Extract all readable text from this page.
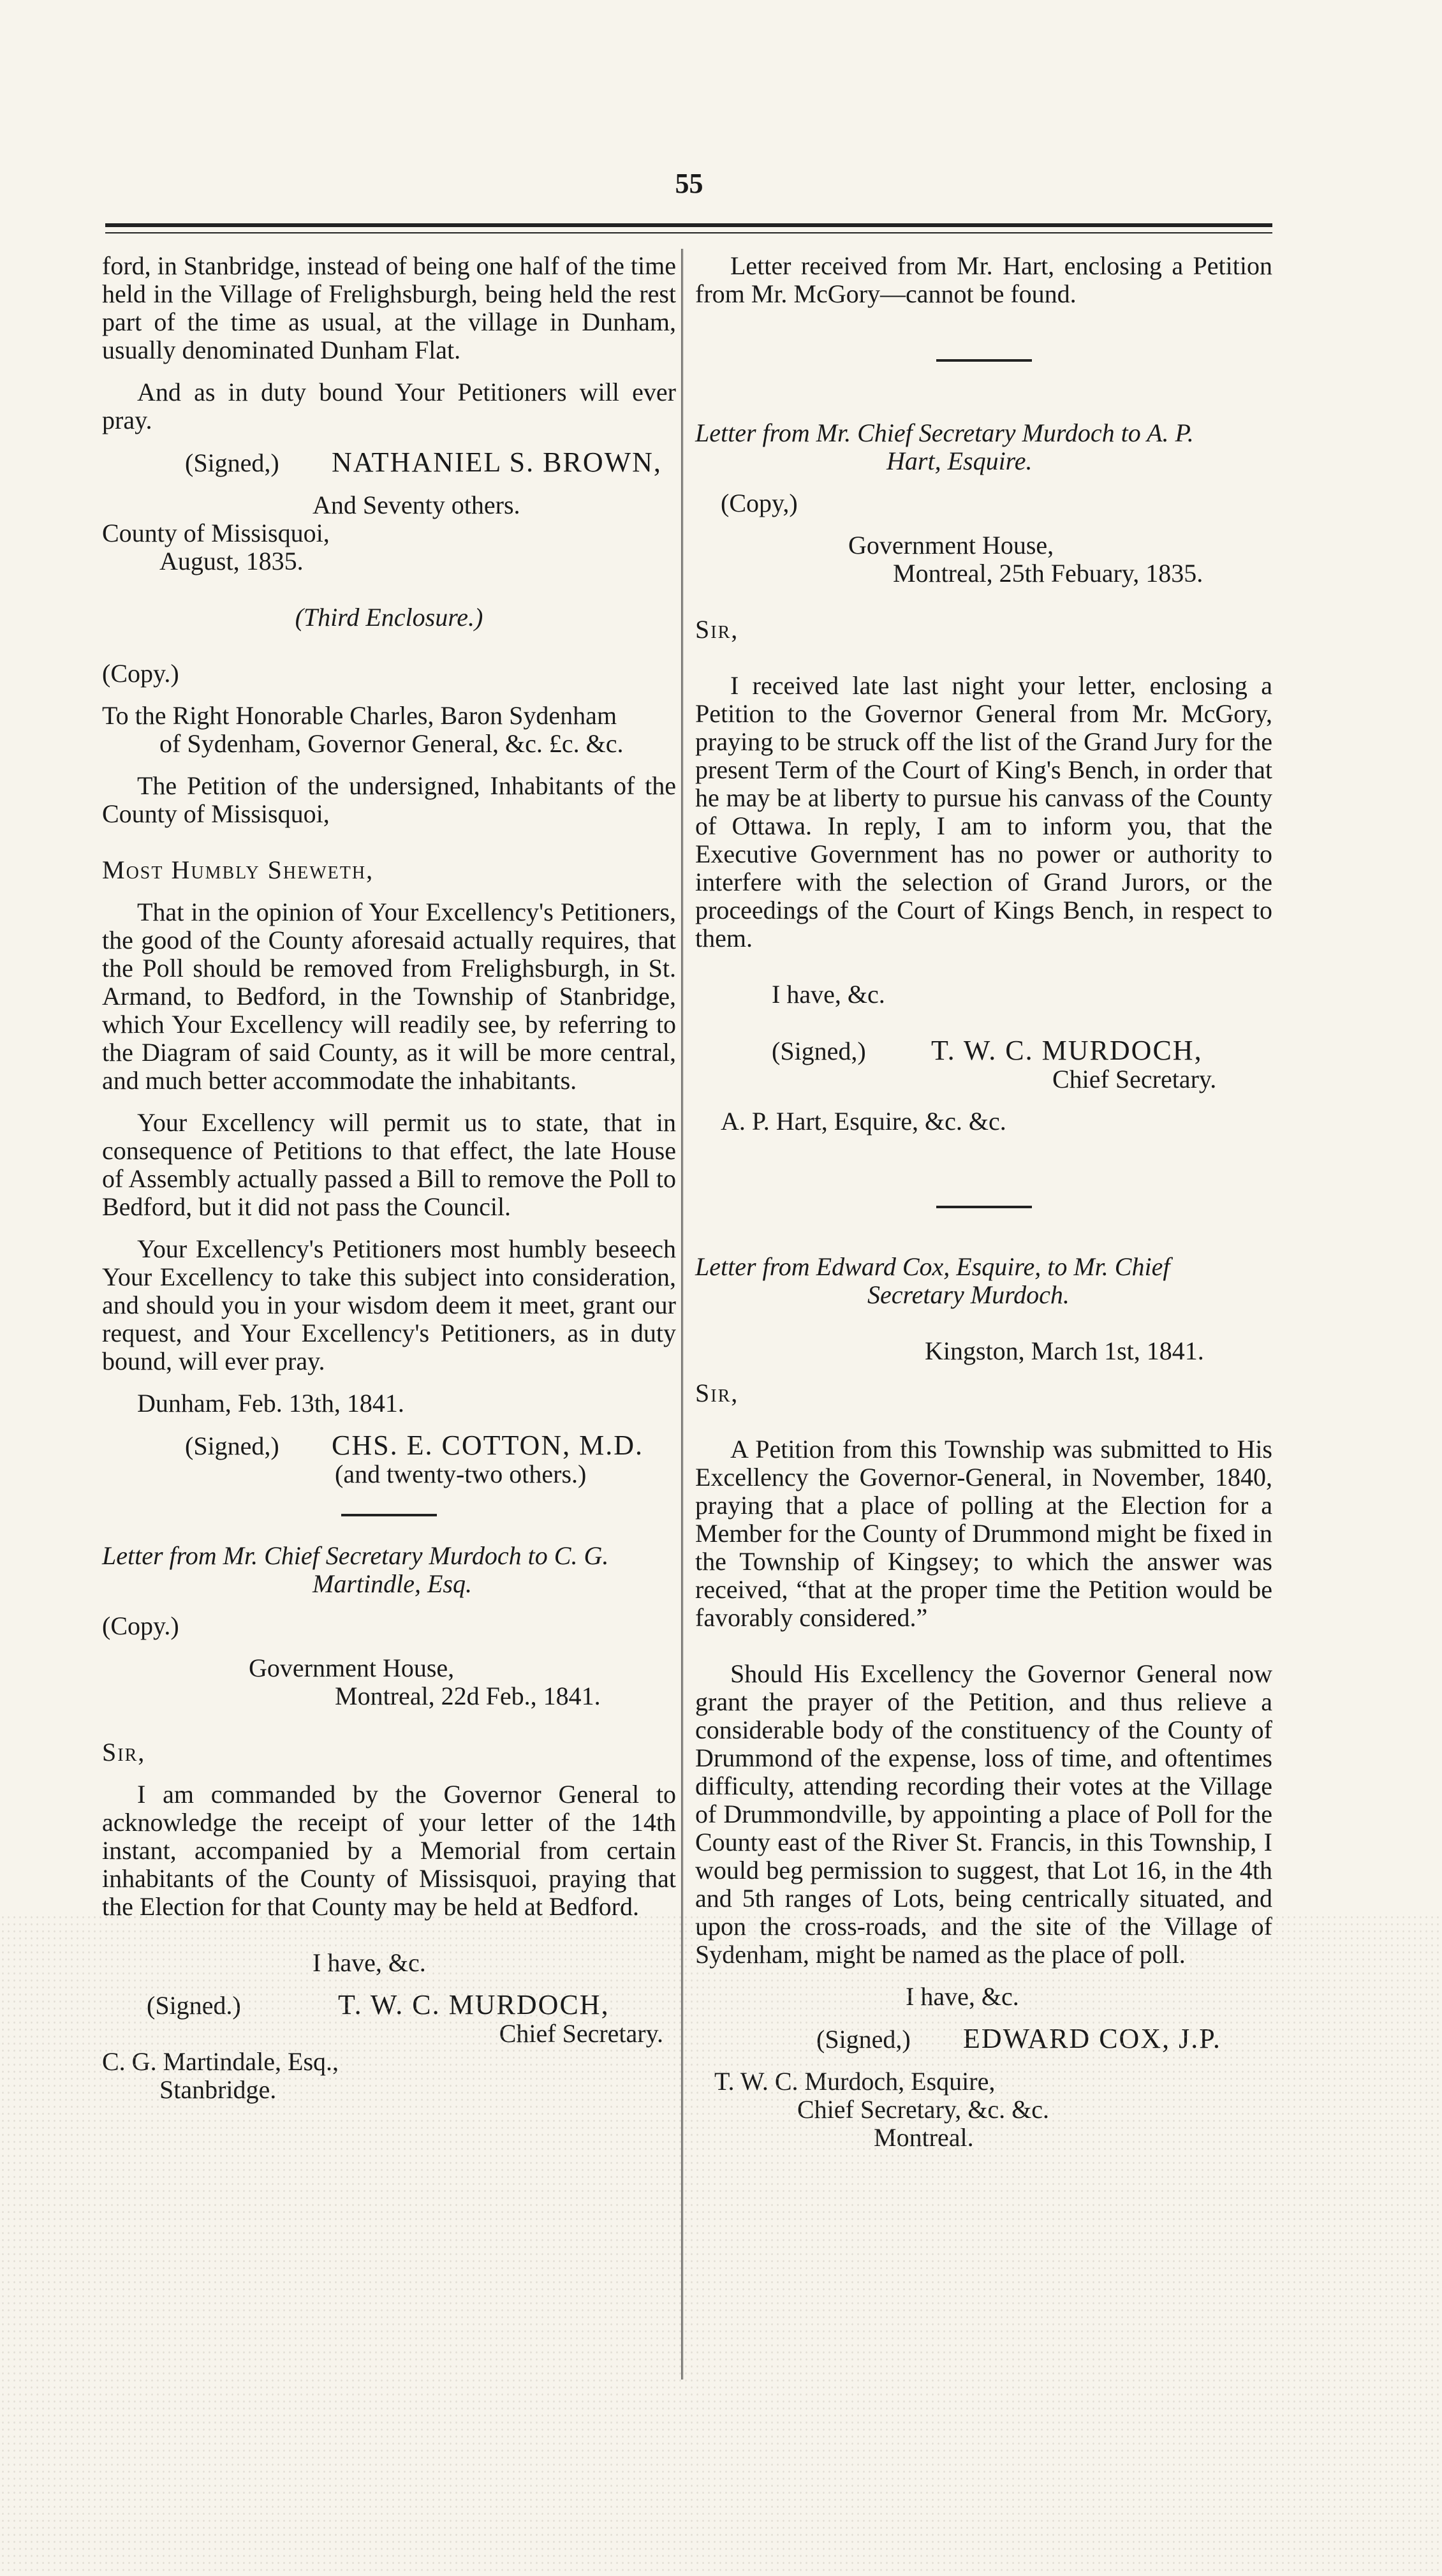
55

ford, in Stanbridge, instead of being one half of the time held in the Village of Frelighsburgh, being held the rest part of the time as usual, at the village in Dunham, usually denominated Dunham Flat.

And as in duty bound Your Petitioners will ever pray.

(Signed,)	NATHANIEL S. BROWN,

And Seventy others.

County of Missisquoi,

August, 1835.

(Third Enclosure.)

(Copy.)

To the Right Honorable Charles, Baron Sydenham

of Sydenham, Governor General, &c. £c. &c.

The Petition of the undersigned, Inhabitants of the County of Missisquoi,

Most Humbly Sheweth,

That in the opinion of Your Excellency's Petitioners, the good of the County aforesaid actually requires, that the Poll should be removed from Frelighsburgh, in St. Armand, to Bedford, in the Township of Stanbridge, which Your Excellency will readily see, by referring to the Diagram of said County, as it will be more central, and much better accommodate the inhabitants.

Your Excellency will permit us to state, that in consequence of Petitions to that effect, the late House of Assembly actually passed a Bill to remove the Poll to Bedford, but it did not pass the Council.

Your Excellency's Petitioners most humbly beseech Your Excellency to take this subject into consideration, and should you in your wisdom deem it meet, grant our request, and Your Excellency's Petitioners, as in duty bound, will ever pray.

Dunham, Feb. 13th, 1841.

(Signed,)	CHS. E. COTTON, M.D.

(and twenty-two others.)

Letter from Mr. Chief Secretary Murdoch to C. G.

Martindle, Esq.

(Copy.)

Government House,

Montreal, 22d Feb., 1841.

Sir,

I am commanded by the Governor General to acknowledge the receipt of your letter of the 14th instant, accompanied by a Memorial from certain inhabitants of the County of Missisquoi, praying that the Election for that County may be held at Bedford.

I have, &c.

(Signed.)	T. W. C. MURDOCH,

Chief Secretary.

C. G. Martindale, Esq.,

Stanbridge.

Letter received from Mr. Hart, enclosing a Petition from Mr. McGory—cannot be found.

Letter from Mr. Chief Secretary Murdoch to A. P.

Hart, Esquire.

(Copy,)

Government House,

Montreal, 25th Febuary, 1835.

Sir,

I received late last night your letter, enclosing a Petition to the Governor General from Mr. McGory, praying to be struck off the list of the Grand Jury for the present Term of the Court of King's Bench, in order that he may be at liberty to pursue his canvass of the County of Ottawa. In reply, I am to inform you, that the Executive Government has no power or authority to interfere with the selection of Grand Jurors, or the proceedings of the Court of Kings Bench, in respect to them.

I have, &c.

(Signed,)	T. W. C. MURDOCH,

Chief Secretary.

A. P. Hart, Esquire, &c. &c.

Letter from Edward Cox, Esquire, to Mr. Chief

Secretary Murdoch.

Kingston, March 1st, 1841.

Sir,

A Petition from this Township was submitted to His Excellency the Governor-General, in November, 1840, praying that a place of polling at the Election for a Member for the County of Drummond might be fixed in the Township of Kingsey; to which the answer was received, “that at the proper time the Petition would be favorably considered.”

Should His Excellency the Governor General now grant the prayer of the Petition, and thus relieve a considerable body of the constituency of the County of Drummond of the expense, loss of time, and oftentimes difficulty, attending recording their votes at the Village of Drummondville, by appointing a place of Poll for the County east of the River St. Francis, in this Township, I would beg permission to suggest, that Lot 16, in the 4th and 5th ranges of Lots, being centrically situated, and upon the cross-roads, and the site of the Village of Sydenham, might be named as the place of poll.

I have, &c.

(Signed,)	EDWARD COX, J.P.

T. W. C. Murdoch, Esquire,

Chief Secretary, &c. &c.

Montreal.
